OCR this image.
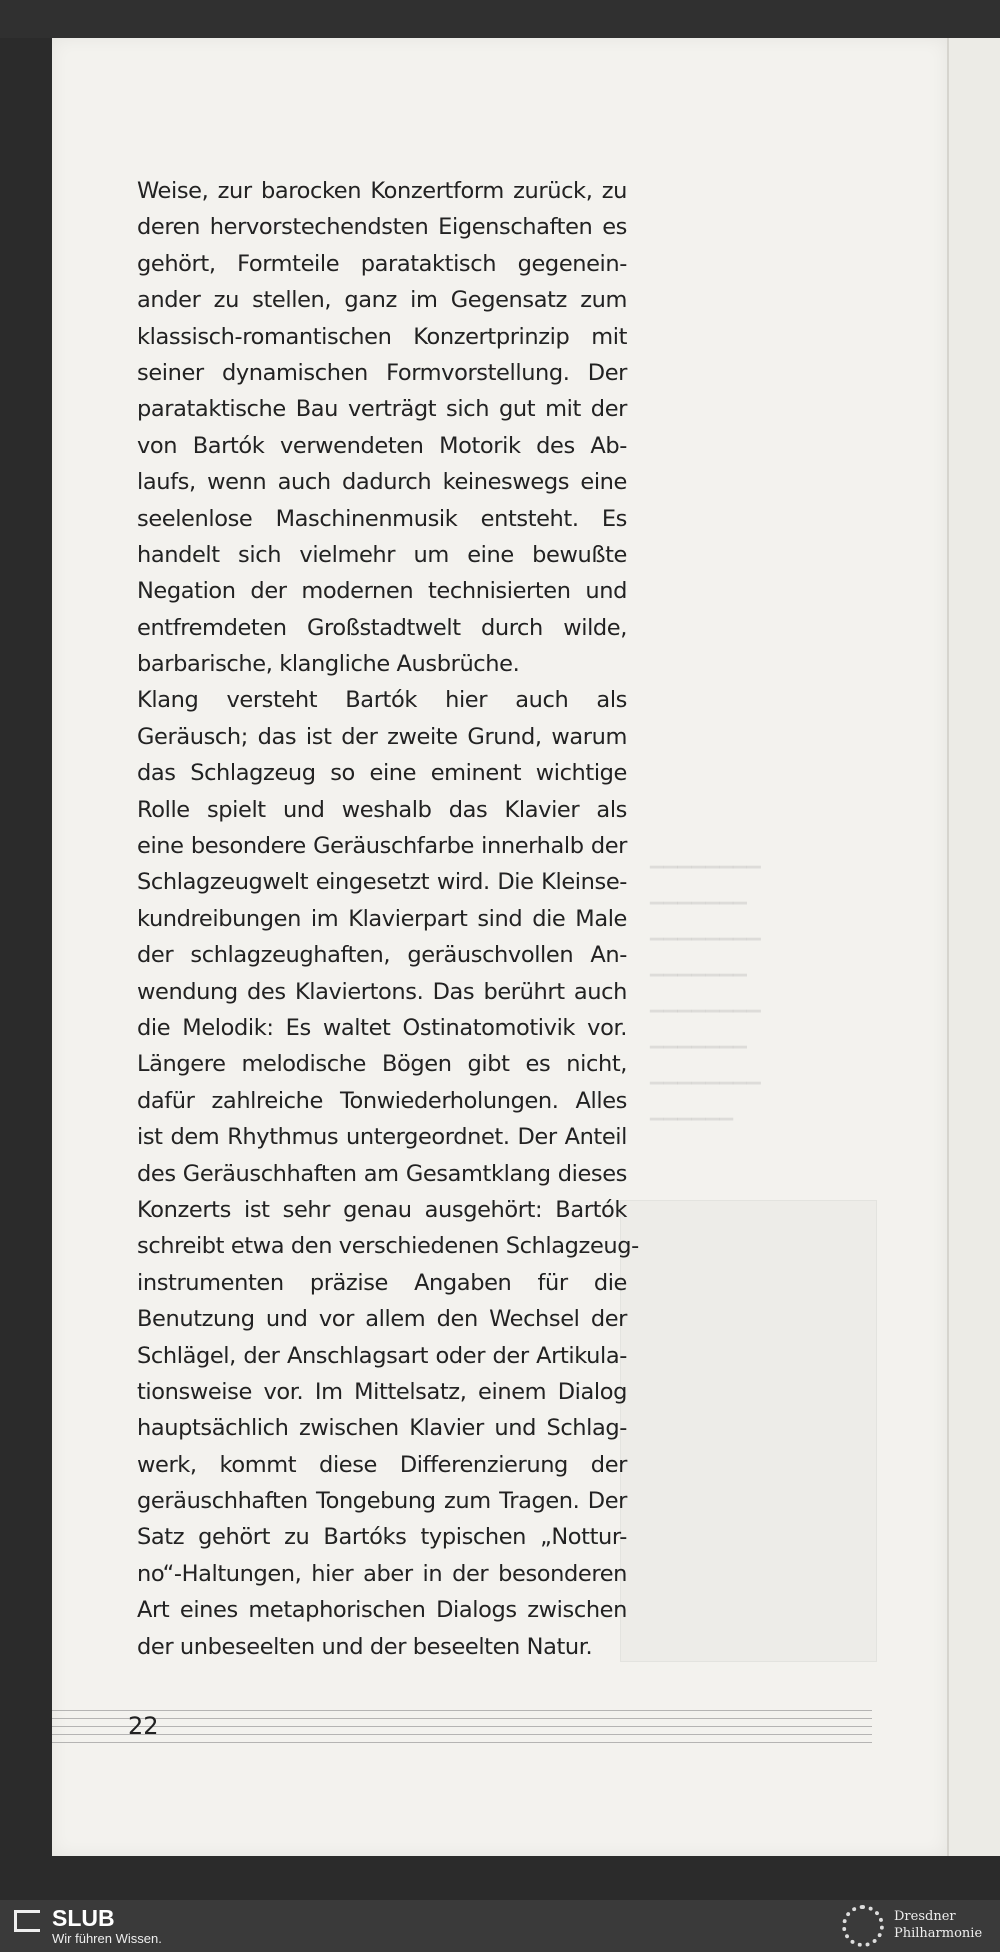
▁▁▁▁▁▁▁▁
▁▁▁▁▁▁▁
▁▁▁▁▁▁▁▁
▁▁▁▁▁▁▁
▁▁▁▁▁▁▁▁
▁▁▁▁▁▁▁
▁▁▁▁▁▁▁▁
▁▁▁▁▁▁
Weise, zur barocken Konzertform zurück, zu
deren hervorstechendsten Eigenschaften es
gehört, Formteile parataktisch gegenein-
ander zu stellen, ganz im Gegensatz zum
klassisch-romantischen Konzertprinzip mit
seiner dynamischen Formvorstellung. Der
parataktische Bau verträgt sich gut mit der
von Bartók verwendeten Motorik des Ab-
laufs, wenn auch dadurch keineswegs eine
seelenlose Maschinenmusik entsteht. Es
handelt sich vielmehr um eine bewußte
Negation der modernen technisierten und
entfremdeten Großstadtwelt durch wilde,
barbarische, klangliche Ausbrüche.
Klang versteht Bartók hier auch als
Geräusch; das ist der zweite Grund, warum
das Schlagzeug so eine eminent wichtige
Rolle spielt und weshalb das Klavier als
eine besondere Geräuschfarbe innerhalb der
Schlagzeugwelt eingesetzt wird. Die Kleinse-
kundreibungen im Klavierpart sind die Male
der schlagzeughaften, geräuschvollen An-
wendung des Klaviertons. Das berührt auch
die Melodik: Es waltet Ostinatomotivik vor.
Längere melodische Bögen gibt es nicht,
dafür zahlreiche Tonwiederholungen. Alles
ist dem Rhythmus untergeordnet. Der Anteil
des Geräuschhaften am Gesamtklang dieses
Konzerts ist sehr genau ausgehört: Bartók
schreibt etwa den verschiedenen Schlagzeug-
instrumenten präzise Angaben für die
Benutzung und vor allem den Wechsel der
Schlägel, der Anschlagsart oder der Artikula-
tionsweise vor. Im Mittelsatz, einem Dialog
hauptsächlich zwischen Klavier und Schlag-
werk, kommt diese Differenzierung der
geräuschhaften Tongebung zum Tragen. Der
Satz gehört zu Bartóks typischen „Nottur-
no“-Haltungen, hier aber in der besonderen
Art eines metaphorischen Dialogs zwischen
der unbeseelten und der beseelten Natur.
22
SLUB
Wir führen Wissen.
Dresdner
Philharmonie
